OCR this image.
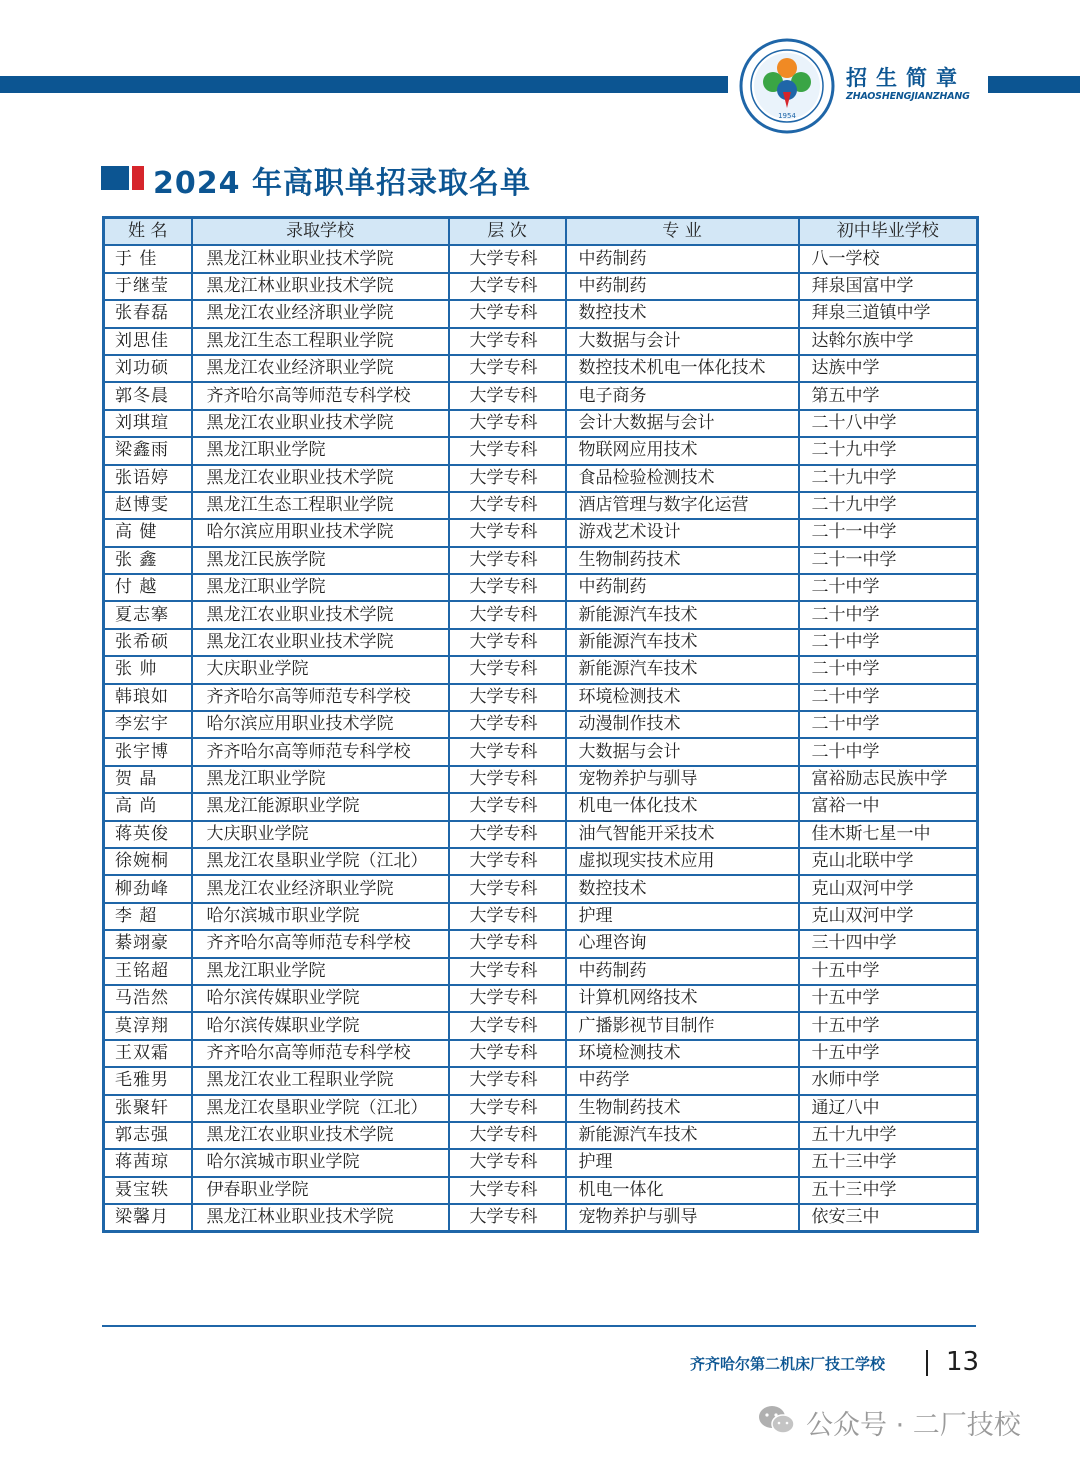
1954
招生简章
ZHAOSHENGJIANZHANG
2024 年高职单招录取名单
姓 名	录取学校	层 次	专 业	初中毕业学校
于 佳	黑龙江林业职业技术学院	大学专科	中药制药	八一学校
于继莹	黑龙江林业职业技术学院	大学专科	中药制药	拜泉国富中学
张春磊	黑龙江农业经济职业学院	大学专科	数控技术	拜泉三道镇中学
刘思佳	黑龙江生态工程职业学院	大学专科	大数据与会计	达斡尔族中学
刘功硕	黑龙江农业经济职业学院	大学专科	数控技术机电一体化技术	达族中学
郭冬晨	齐齐哈尔高等师范专科学校	大学专科	电子商务	第五中学
刘琪瑄	黑龙江农业职业技术学院	大学专科	会计大数据与会计	二十八中学
梁鑫雨	黑龙江职业学院	大学专科	物联网应用技术	二十九中学
张语婷	黑龙江农业职业技术学院	大学专科	食品检验检测技术	二十九中学
赵博雯	黑龙江生态工程职业学院	大学专科	酒店管理与数字化运营	二十九中学
高 健	哈尔滨应用职业技术学院	大学专科	游戏艺术设计	二十一中学
张 鑫	黑龙江民族学院	大学专科	生物制药技术	二十一中学
付 越	黑龙江职业学院	大学专科	中药制药	二十中学
夏志搴	黑龙江农业职业技术学院	大学专科	新能源汽车技术	二十中学
张希硕	黑龙江农业职业技术学院	大学专科	新能源汽车技术	二十中学
张 帅	大庆职业学院	大学专科	新能源汽车技术	二十中学
韩琅如	齐齐哈尔高等师范专科学校	大学专科	环境检测技术	二十中学
李宏宇	哈尔滨应用职业技术学院	大学专科	动漫制作技术	二十中学
张宇博	齐齐哈尔高等师范专科学校	大学专科	大数据与会计	二十中学
贺 晶	黑龙江职业学院	大学专科	宠物养护与驯导	富裕励志民族中学
高 尚	黑龙江能源职业学院	大学专科	机电一体化技术	富裕一中
蒋英俊	大庆职业学院	大学专科	油气智能开采技术	佳木斯七星一中
徐婉桐	黑龙江农垦职业学院（江北）	大学专科	虚拟现实技术应用	克山北联中学
柳劲峰	黑龙江农业经济职业学院	大学专科	数控技术	克山双河中学
李 超	哈尔滨城市职业学院	大学专科	护理	克山双河中学
綦翊豪	齐齐哈尔高等师范专科学校	大学专科	心理咨询	三十四中学
王铭超	黑龙江职业学院	大学专科	中药制药	十五中学
马浩然	哈尔滨传媒职业学院	大学专科	计算机网络技术	十五中学
莫淳翔	哈尔滨传媒职业学院	大学专科	广播影视节目制作	十五中学
王双霜	齐齐哈尔高等师范专科学校	大学专科	环境检测技术	十五中学
毛雅男	黑龙江农业工程职业学院	大学专科	中药学	水师中学
张聚轩	黑龙江农垦职业学院（江北）	大学专科	生物制药技术	通辽八中
郭志强	黑龙江农业职业技术学院	大学专科	新能源汽车技术	五十九中学
蒋茜琼	哈尔滨城市职业学院	大学专科	护理	五十三中学
聂宝轶	伊春职业学院	大学专科	机电一体化	五十三中学
梁馨月	黑龙江林业职业技术学院	大学专科	宠物养护与驯导	依安三中
齐齐哈尔第二机床厂技工学校 13
公众号 · 二厂技校
